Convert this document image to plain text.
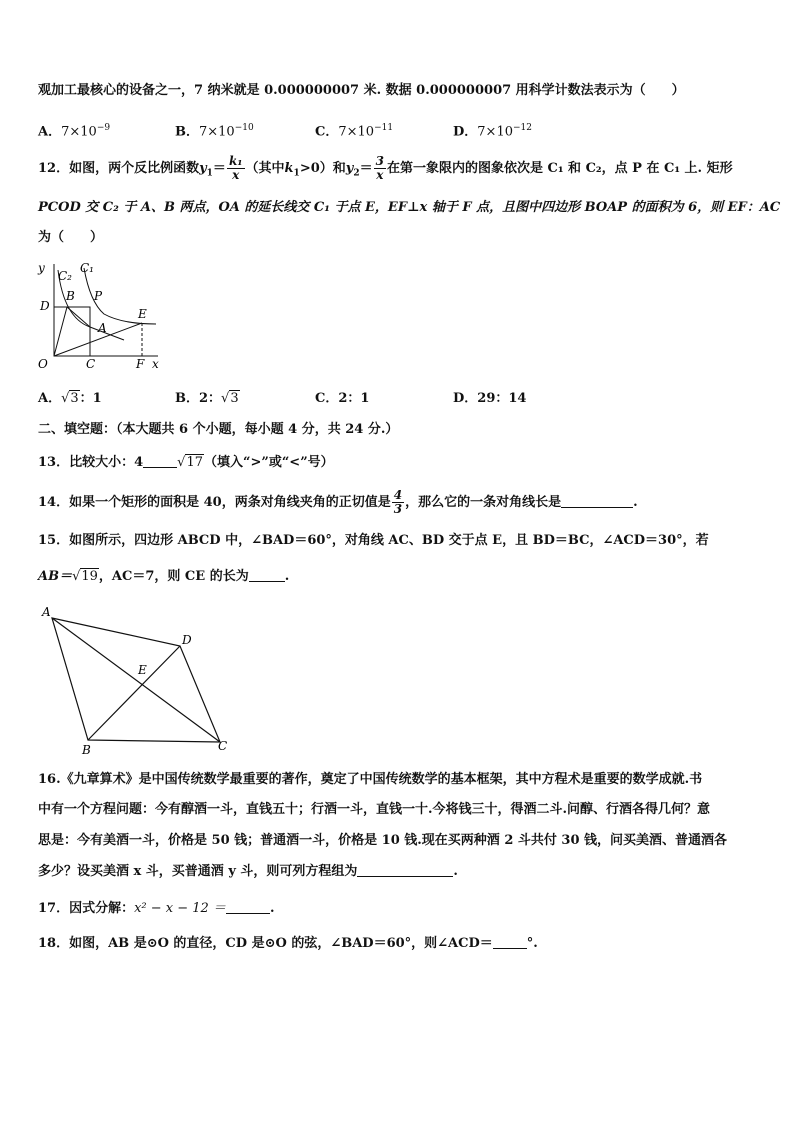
观加工最核心的设备之一，7 纳米就是 0.000000007 米. 数据 0.000000007 用科学计数法表示为（　　）
A．$7\times 10^{-9}$	B．$7\times 10^{-10}$	C．$7\times 10^{-11}$	D．$7\times 10^{-12}$
12．如图，两个反比例函数$y_1= \frac{\text{k₁}}{x}$ （其中$k_1>0$）和$y_2= \frac{3}{x}$ 在第一象限内的图象依次是 C₁ 和 C₂，点 P 在 C₁ 上. 矩形
PCOD 交 C₂ 于 A、B 两点，OA 的延长线交 C₁ 于点 E，EF⊥x 轴于 F 点，且图中四边形 BOAP 的面积为 6，则 EF：AC
为（　　）
y
C₂
C₁
D
B P
E
A
O	C	F x
A．√3：1	B．2：√3	C．2：1	D．29：14
二、填空题：（本大题共 6 个小题，每小题 4 分，共 24 分.）
13．比较大小：4	√17（填入“>”或“<”号）
14．如果一个矩形的面积是 40，两条对角线夹角的正切值是 $\frac{4}{3}$ ，那么它的一条对角线长是	.
15．如图所示，四边形 ABCD 中，∠BAD＝60°，对角线 AC、BD 交于点 E，且 BD＝BC，∠ACD＝30°，若
AB＝√19，AC＝7，则 CE 的长为	.
A
D
E
B	C
16.《九章算术》是中国传统数学最重要的著作，奠定了中国传统数学的基本框架，其中方程术是重要的数学成就.书
中有一个方程问题：今有醇酒一斗，直钱五十；行酒一斗，直钱一十.今将钱三十，得酒二斗.问醇、行酒各得几何？意
思是：今有美酒一斗，价格是 50 钱；普通酒一斗，价格是 10 钱.现在买两种酒 2 斗共付 30 钱，问买美酒、普通酒各
多少？设买美酒 x 斗，买普通酒 y 斗，则可列方程组为	.
17．因式分解：x² − x − 12 ＝	.
18．如图，AB 是⊙O 的直径，CD 是⊙O 的弦，∠BAD＝60°，则∠ACD＝	°.
